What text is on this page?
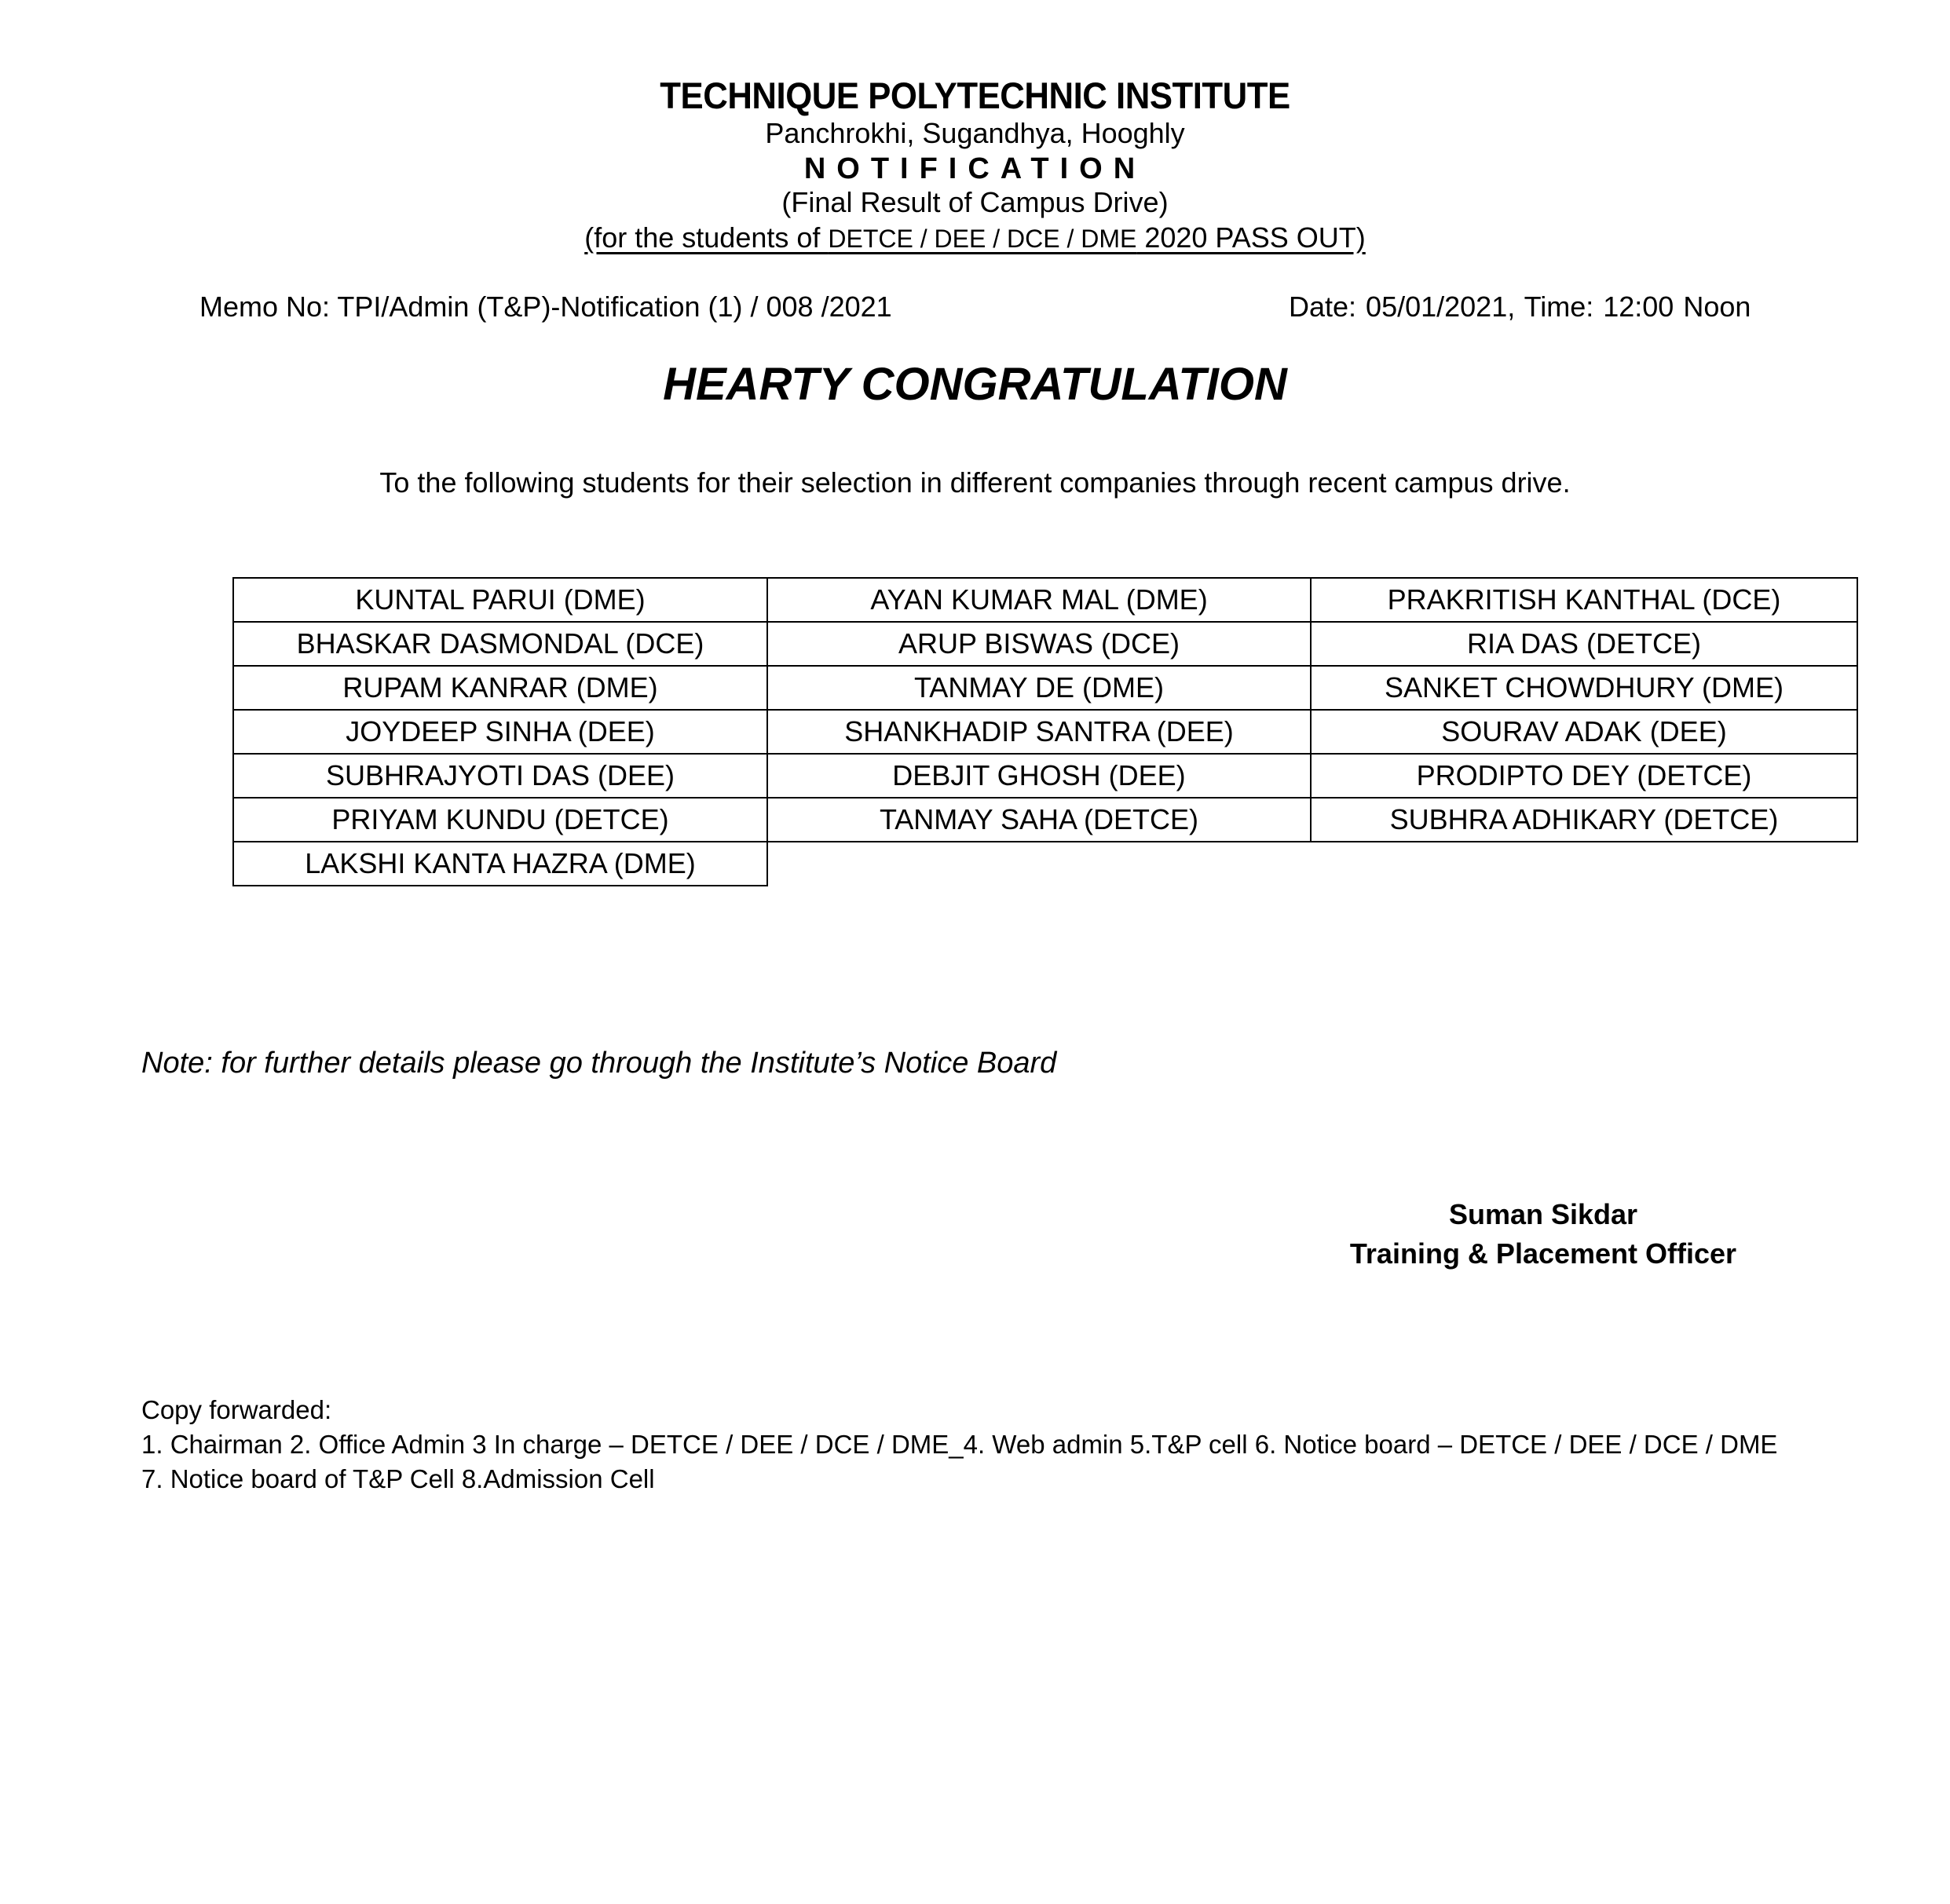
TECHNIQUE POLYTECHNIC INSTITUTE
Panchrokhi, Sugandhya, Hooghly
NOTIFICATION
(Final Result of Campus Drive)
(for the students of DETCE / DEE / DCE / DME 2020 PASS OUT)
Memo No: TPI/Admin (T&P)-Notification (1) / 008 /2021	Date: 05/01/2021, Time: 12:00 Noon
HEARTY CONGRATULATION
To the following students for their selection in different companies through recent campus drive.
KUNTAL PARUI (DME)	AYAN KUMAR MAL (DME)	PRAKRITISH KANTHAL (DCE)
BHASKAR DASMONDAL (DCE)	ARUP BISWAS (DCE)	RIA DAS (DETCE)
RUPAM KANRAR (DME)	TANMAY DE (DME)	SANKET CHOWDHURY (DME)
JOYDEEP SINHA (DEE)	SHANKHADIP SANTRA (DEE)	SOURAV ADAK (DEE)
SUBHRAJYOTI DAS (DEE)	DEBJIT GHOSH (DEE)	PRODIPTO DEY (DETCE)
PRIYAM KUNDU (DETCE)	TANMAY SAHA (DETCE)	SUBHRA ADHIKARY (DETCE)
LAKSHI KANTA HAZRA (DME)		
Note: for further details please go through the Institute’s Notice Board
Suman Sikdar
Training & Placement Officer
Copy forwarded:
1. Chairman 2. Office Admin 3 In charge – DETCE / DEE / DCE / DME_4. Web admin 5.T&P cell 6. Notice board – DETCE / DEE / DCE / DME
7. Notice board of T&P Cell 8.Admission Cell
